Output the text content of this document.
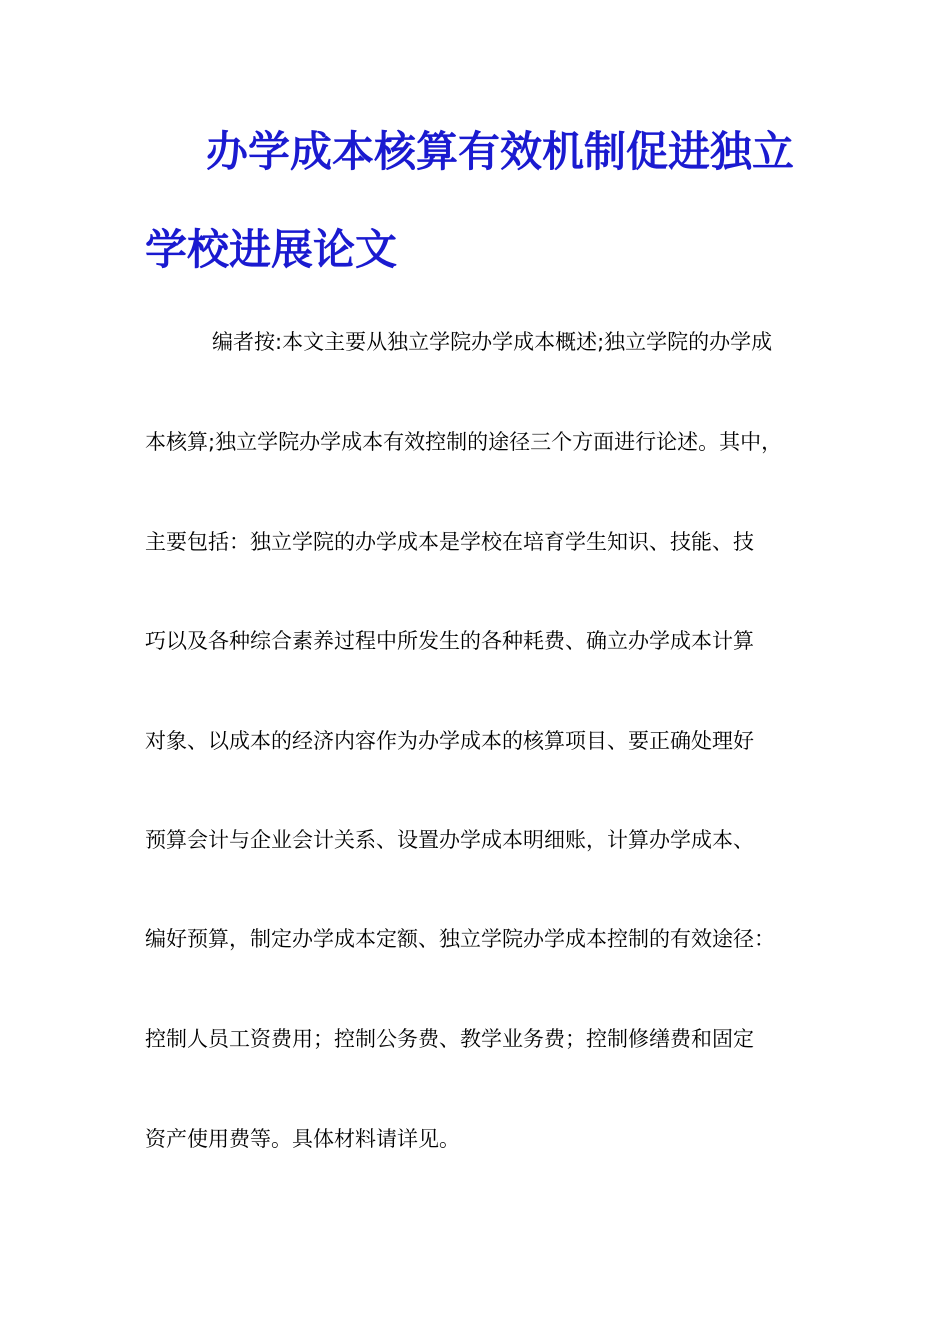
办学成本核算有效机制促进独立
学校进展论文
编者按:本文主要从独立学院办学成本概述;独立学院的办学成
本核算;独立学院办学成本有效控制的途径三个方面进行论述。其中，
主要包括：独立学院的办学成本是学校在培育学生知识、技能、技
巧以及各种综合素养过程中所发生的各种耗费、确立办学成本计算
对象、以成本的经济内容作为办学成本的核算项目、要正确处理好
预算会计与企业会计关系、设置办学成本明细账，计算办学成本、
编好预算，制定办学成本定额、独立学院办学成本控制的有效途径：
控制人员工资费用；控制公务费、教学业务费；控制修缮费和固定
资产使用费等。具体材料请详见。
